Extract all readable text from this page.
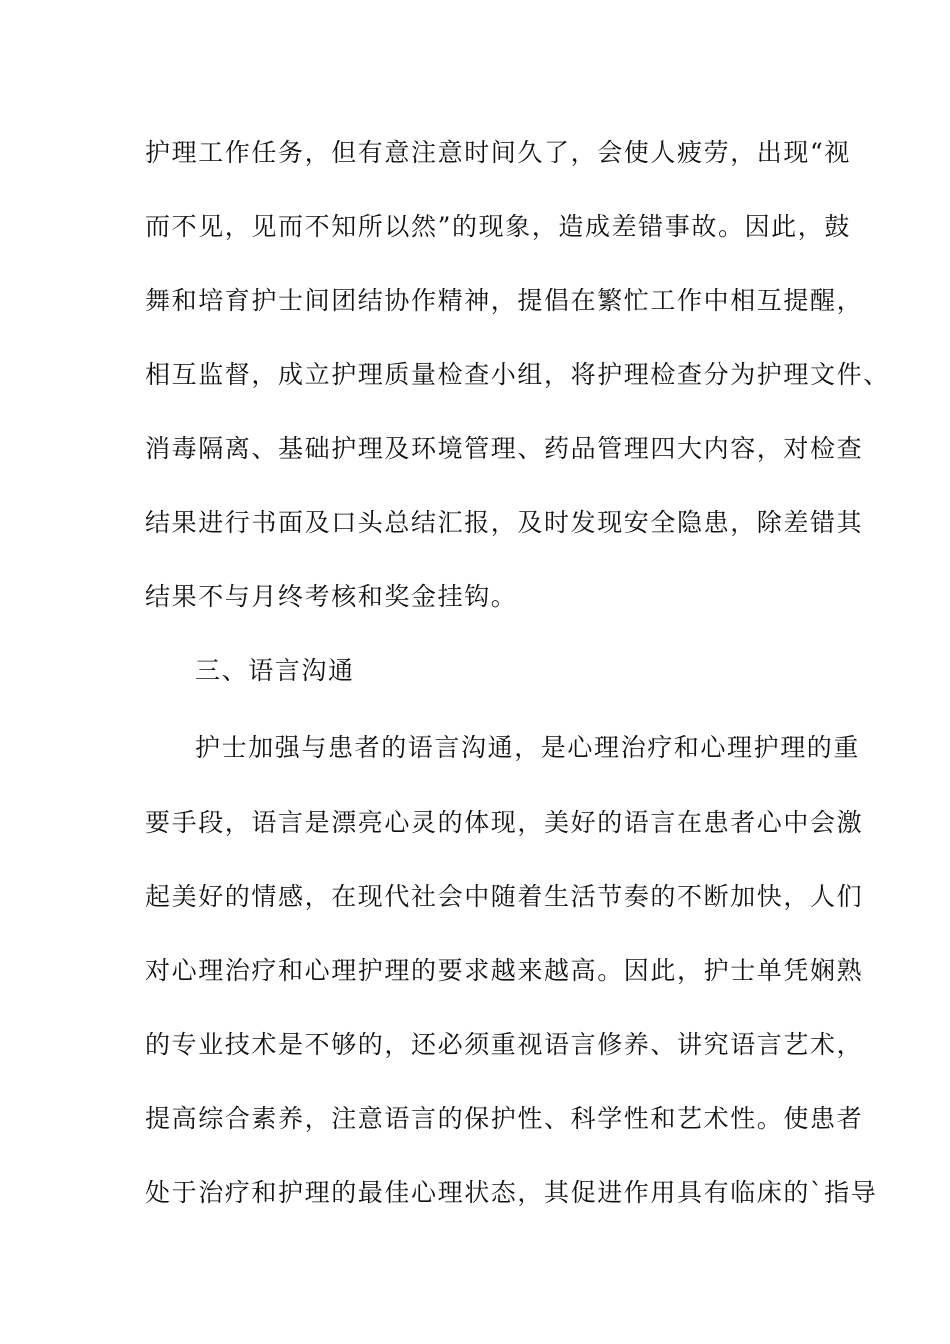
护理工作任务，但有意注意时间久了，会使人疲劳，出现“视
而不见，见而不知所以然”的现象，造成差错事故。因此，鼓
舞和培育护士间团结协作精神，提倡在繁忙工作中相互提醒，
相互监督，成立护理质量检查小组，将护理检查分为护理文件、
消毒隔离、基础护理及环境管理、药品管理四大内容，对检查
结果进行书面及口头总结汇报，及时发现安全隐患，除差错其
结果不与月终考核和奖金挂钩。
三、语言沟通
护士加强与患者的语言沟通，是心理治疗和心理护理的重
要手段，语言是漂亮心灵的体现，美好的语言在患者心中会激
起美好的情感，在现代社会中随着生活节奏的不断加快，人们
对心理治疗和心理护理的要求越来越高。因此，护士单凭娴熟
的专业技术是不够的，还必须重视语言修养、讲究语言艺术，
提高综合素养，注意语言的保护性、科学性和艺术性。使患者
处于治疗和护理的最佳心理状态，其促进作用具有临床的`指导
